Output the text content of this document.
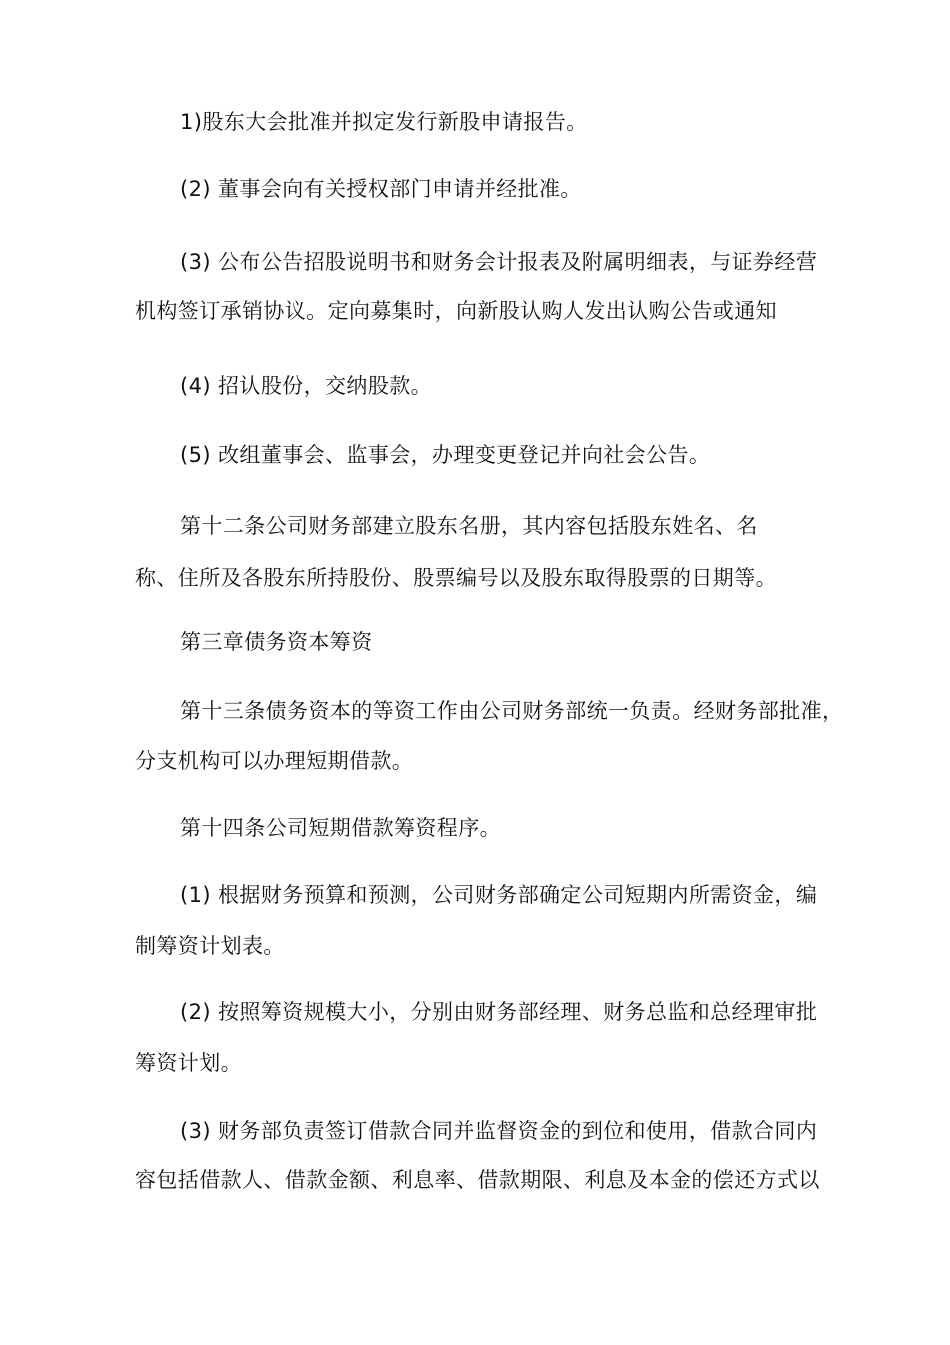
1)股东大会批准并拟定发行新股申请报告。
(2) 董事会向有关授权部门申请并经批准。
(3) 公布公告招股说明书和财务会计报表及附属明细表，与证券经营
机构签订承销协议。定向募集时，向新股认购人发出认购公告或通知
(4) 招认股份，交纳股款。
(5) 改组董事会、监事会，办理变更登记并向社会公告。
第十二条公司财务部建立股东名册，其内容包括股东姓名、名
称、住所及各股东所持股份、股票编号以及股东取得股票的日期等。
第三章债务资本筹资
第十三条债务资本的等资工作由公司财务部统一负责。经财务部批准，
分支机构可以办理短期借款。
第十四条公司短期借款筹资程序。
(1) 根据财务预算和预测，公司财务部确定公司短期内所需资金，编
制筹资计划表。
(2) 按照筹资规模大小，分别由财务部经理、财务总监和总经理审批
筹资计划。
(3) 财务部负责签订借款合同并监督资金的到位和使用，借款合同内
容包括借款人、借款金额、利息率、借款期限、利息及本金的偿还方式以
